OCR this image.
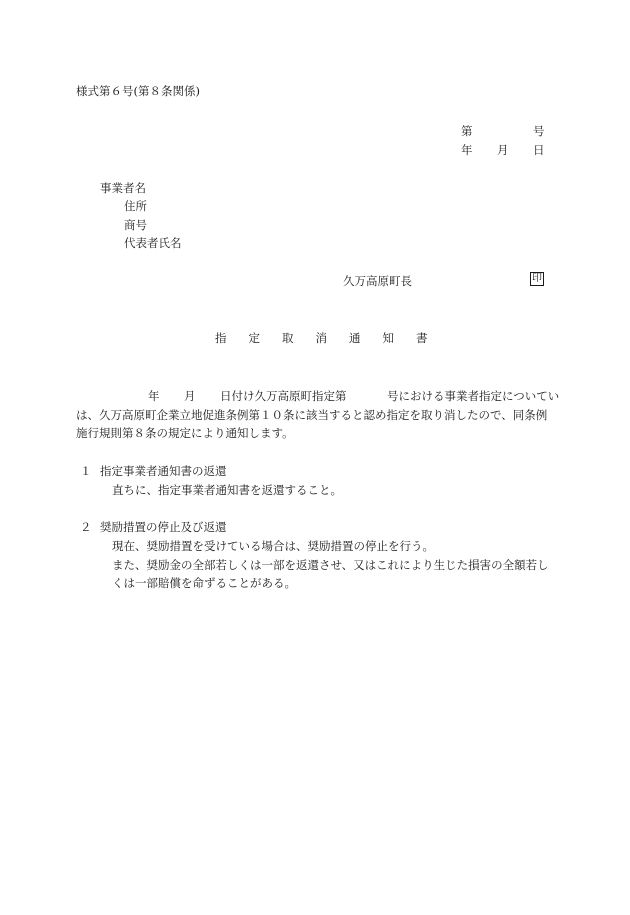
様式第６号(第８条関係)
第	号
年 月 日
事業者名
住所
商号
代表者氏名
久万高原町長	印
指 定 取 消 通 知 書
年 月 日付け久万高原町指定第	号における事業者指定についてい
は、久万高原町企業立地促進条例第１０条に該当すると認め指定を取り消したので、同条例
施行規則第８条の規定により通知します。
１ 指定事業者通知書の返還
直ちに、指定事業者通知書を返還すること。
２ 奨励措置の停止及び返還
現在、奨励措置を受けている場合は、奨励措置の停止を行う。
また、奨励金の全部若しくは一部を返還させ、又はこれにより生じた損害の全額若し
くは一部賠償を命ずることがある。
